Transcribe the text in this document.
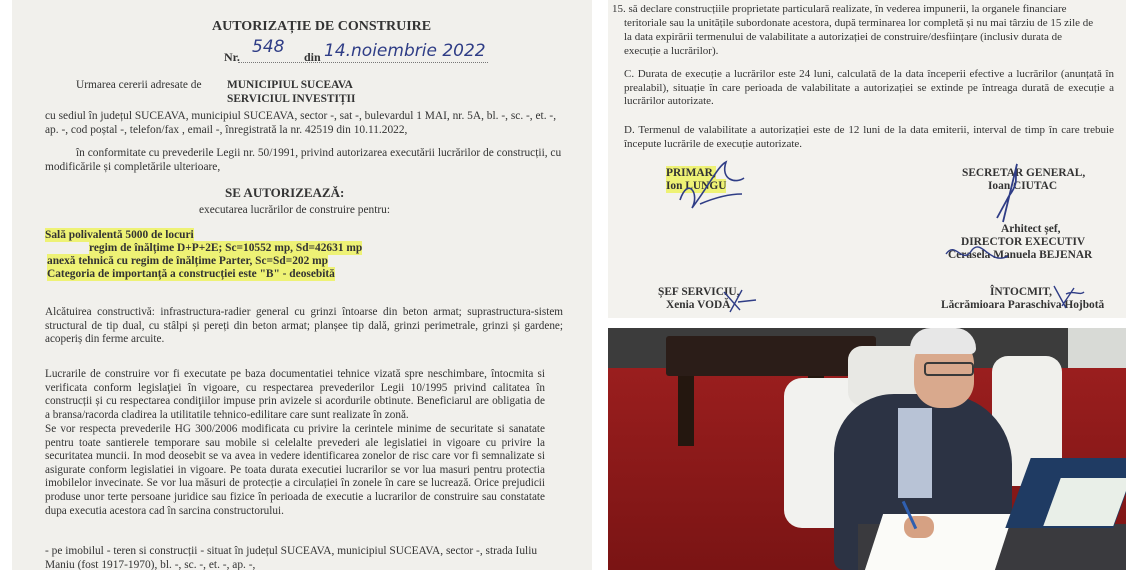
AUTORIZAȚIE DE CONSTRUIRE
Nr. 548 din 14.noiembrie 2022
Urmarea cererii adresate de MUNICIPIUL SUCEAVA
SERVICIUL INVESTIȚII
cu sediul în județul SUCEAVA, municipiul SUCEAVA, sector -, sat -, bulevardul 1 MAI, nr. 5A, bl. -, sc. -, et. -,
ap. -, cod poștal -, telefon/fax , email -, înregistrată la nr. 42519 din 10.11.2022,
în conformitate cu prevederile Legii nr. 50/1991, privind autorizarea executării lucrărilor de construcții, cu
modificările și completările ulterioare,
SE AUTORIZEAZĂ:
executarea lucrărilor de construire pentru:
Sală polivalentă 5000 de locuri
regim de înălțime D+P+2E; Sc=10552 mp, Sd=42631 mp
anexă tehnică cu regim de înălțime Parter, Sc=Sd=202 mp
Categoria de importanță a construcției este "B" - deosebită
Alcătuirea constructivă: infrastructura-radier general cu grinzi întoarse din beton armat; suprastructura-sistem structural de tip dual, cu stâlpi și pereți din beton armat; planșee tip dală, grinzi perimetrale, grinzi și gardene; acoperiș din ferme arcuite.
Lucrarile de construire vor fi executate pe baza documentatiei tehnice vizată spre neschimbare, întocmita si verificata conform legislaţiei în vigoare, cu respectarea prevederilor Legii 10/1995 privind calitatea în construcții și cu respectarea condiţiilor impuse prin avizele si acordurile obtinute. Beneficiarul are obligatia de a bransa/racorda cladirea la utilitatile tehnico-edilitare care sunt realizate în zonă.
Se vor respecta prevederile HG 300/2006 modificata cu privire la cerintele minime de securitate si sanatate pentru toate santierele temporare sau mobile si celelalte prevederi ale legislatiei in vigoare cu privire la securitatea muncii. In mod deosebit se va avea in vedere identificarea zonelor de risc care vor fi semnalizate si asigurate conform legislatiei in vigoare. Pe toata durata executiei lucrarilor se vor lua masuri pentru protectia imobilelor invecinate. Se vor lua măsuri de protecție a circulației în zonele în care se lucrează. Orice prejudicii produse unor terte persoane juridice sau fizice în perioada de executie a lucrarilor de construire sau constatate dupa executia acestora cad în sarcina constructorului.
- pe imobilul - teren si construcții - situat în județul SUCEAVA, municipiul SUCEAVA, sector -, strada Iuliu
Maniu (fost 1917-1970), bl. -, sc. -, et. -, ap. -,
15. să declare construcțiile proprietate particulară realizate, în vederea impunerii, la organele financiare
teritoriale sau la unitățile subordonate acestora, după terminarea lor completă și nu mai târziu de 15 zile de
la data expirării termenului de valabilitate a autorizației de construire/desființare (inclusiv durata de
execuție a lucrărilor).
C. Durata de execuție a lucrărilor este 24 luni, calculată de la data începerii efective a lucrărilor (anunțată în prealabil), situație în care perioada de valabilitate a autorizației se extinde pe întreaga durată de execuție a lucrărilor autorizate.
D. Termenul de valabilitate a autorizației este de 12 luni de la data emiterii, interval de timp în care trebuie începute lucrările de execuție autorizate.
PRIMAR,
Ion LUNGU
SECRETAR GENERAL,
Ioan CIUTAC
Arhitect șef,
DIRECTOR EXECUTIV
Cerasela Manuela BEJENAR
ȘEF SERVICIU,
Xenia VODĂ
ÎNTOCMIT,
Lăcrămioara Paraschiva Hojbotă
